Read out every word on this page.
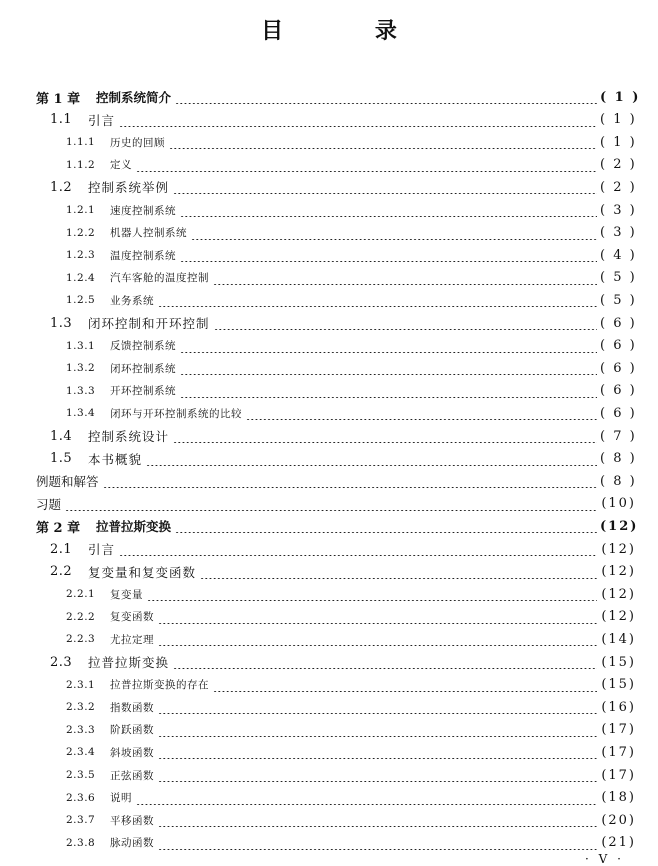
目 录
第 1 章	控制系统简介	( 1 )
1.1	引言	( 1 )
1.1.1	历史的回顾	( 1 )
1.1.2	定义	( 2 )
1.2	控制系统举例	( 2 )
1.2.1	速度控制系统	( 3 )
1.2.2	机器人控制系统	( 3 )
1.2.3	温度控制系统	( 4 )
1.2.4	汽车客舱的温度控制	( 5 )
1.2.5	业务系统	( 5 )
1.3	闭环控制和开环控制	( 6 )
1.3.1	反馈控制系统	( 6 )
1.3.2	闭环控制系统	( 6 )
1.3.3	开环控制系统	( 6 )
1.3.4	闭环与开环控制系统的比较	( 6 )
1.4	控制系统设计	( 7 )
1.5	本书概貌	( 8 )
例题和解答	( 8 )
习题	(10)
第 2 章	拉普拉斯变换	(12)
2.1	引言	(12)
2.2	复变量和复变函数	(12)
2.2.1	复变量	(12)
2.2.2	复变函数	(12)
2.2.3	尤拉定理	(14)
2.3	拉普拉斯变换	(15)
2.3.1	拉普拉斯变换的存在	(15)
2.3.2	指数函数	(16)
2.3.3	阶跃函数	(17)
2.3.4	斜坡函数	(17)
2.3.5	正弦函数	(17)
2.3.6	说明	(18)
2.3.7	平移函数	(20)
2.3.8	脉动函数	(21)
· V ·
